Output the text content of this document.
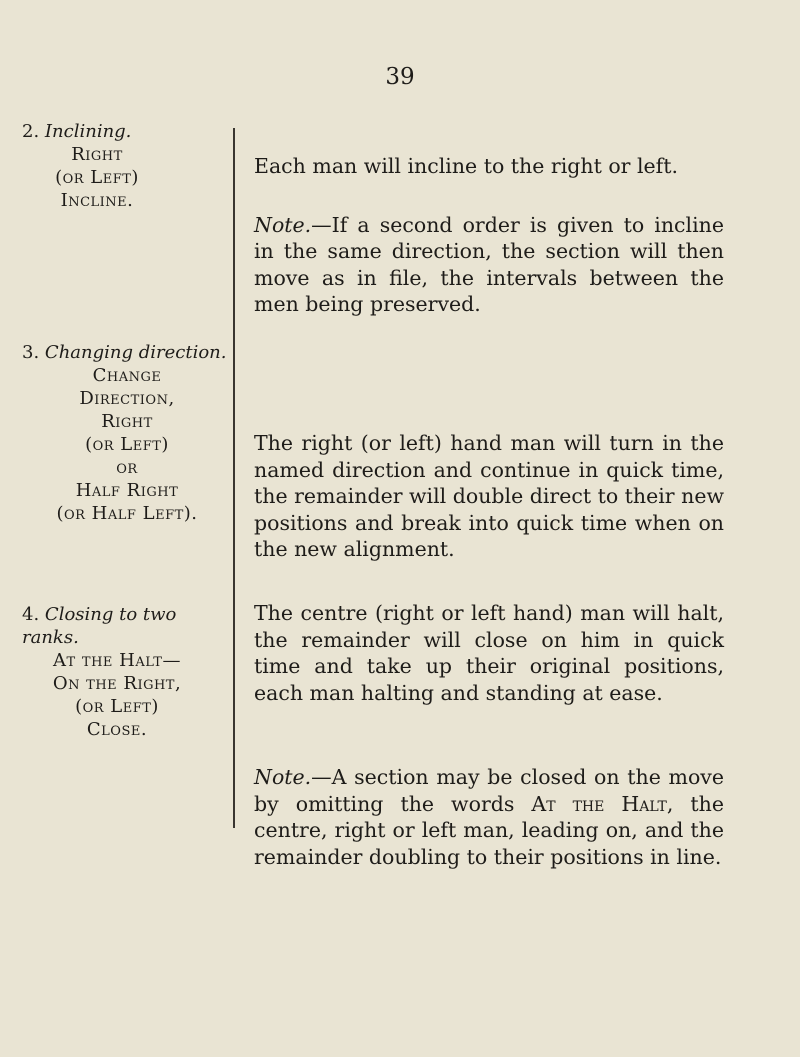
39
2. Inclining.
Right
(or Left)
Incline.

Each man will incline to the right or left.

Note.—If a second order is given to incline in the same direction, the section will then move as in file, the intervals between the men being preserved.

3. Changing direction.
Change
Direction,
Right
(or Left)
or
Half Right
(or Half Left).

The right (or left) hand man will turn in the named direction and continue in quick time, the remainder will double direct to their new positions and break into quick time when on the new alignment.

4. Closing to two ranks.
At the Halt—
On the Right,
(or Left)
Close.

The centre (right or left hand) man will halt, the remainder will close on him in quick time and take up their original positions, each man halting and standing at ease.

Note.—A section may be closed on the move by omitting the words At the Halt, the centre, right or left man, leading on, and the remainder doubling to their positions in line.
